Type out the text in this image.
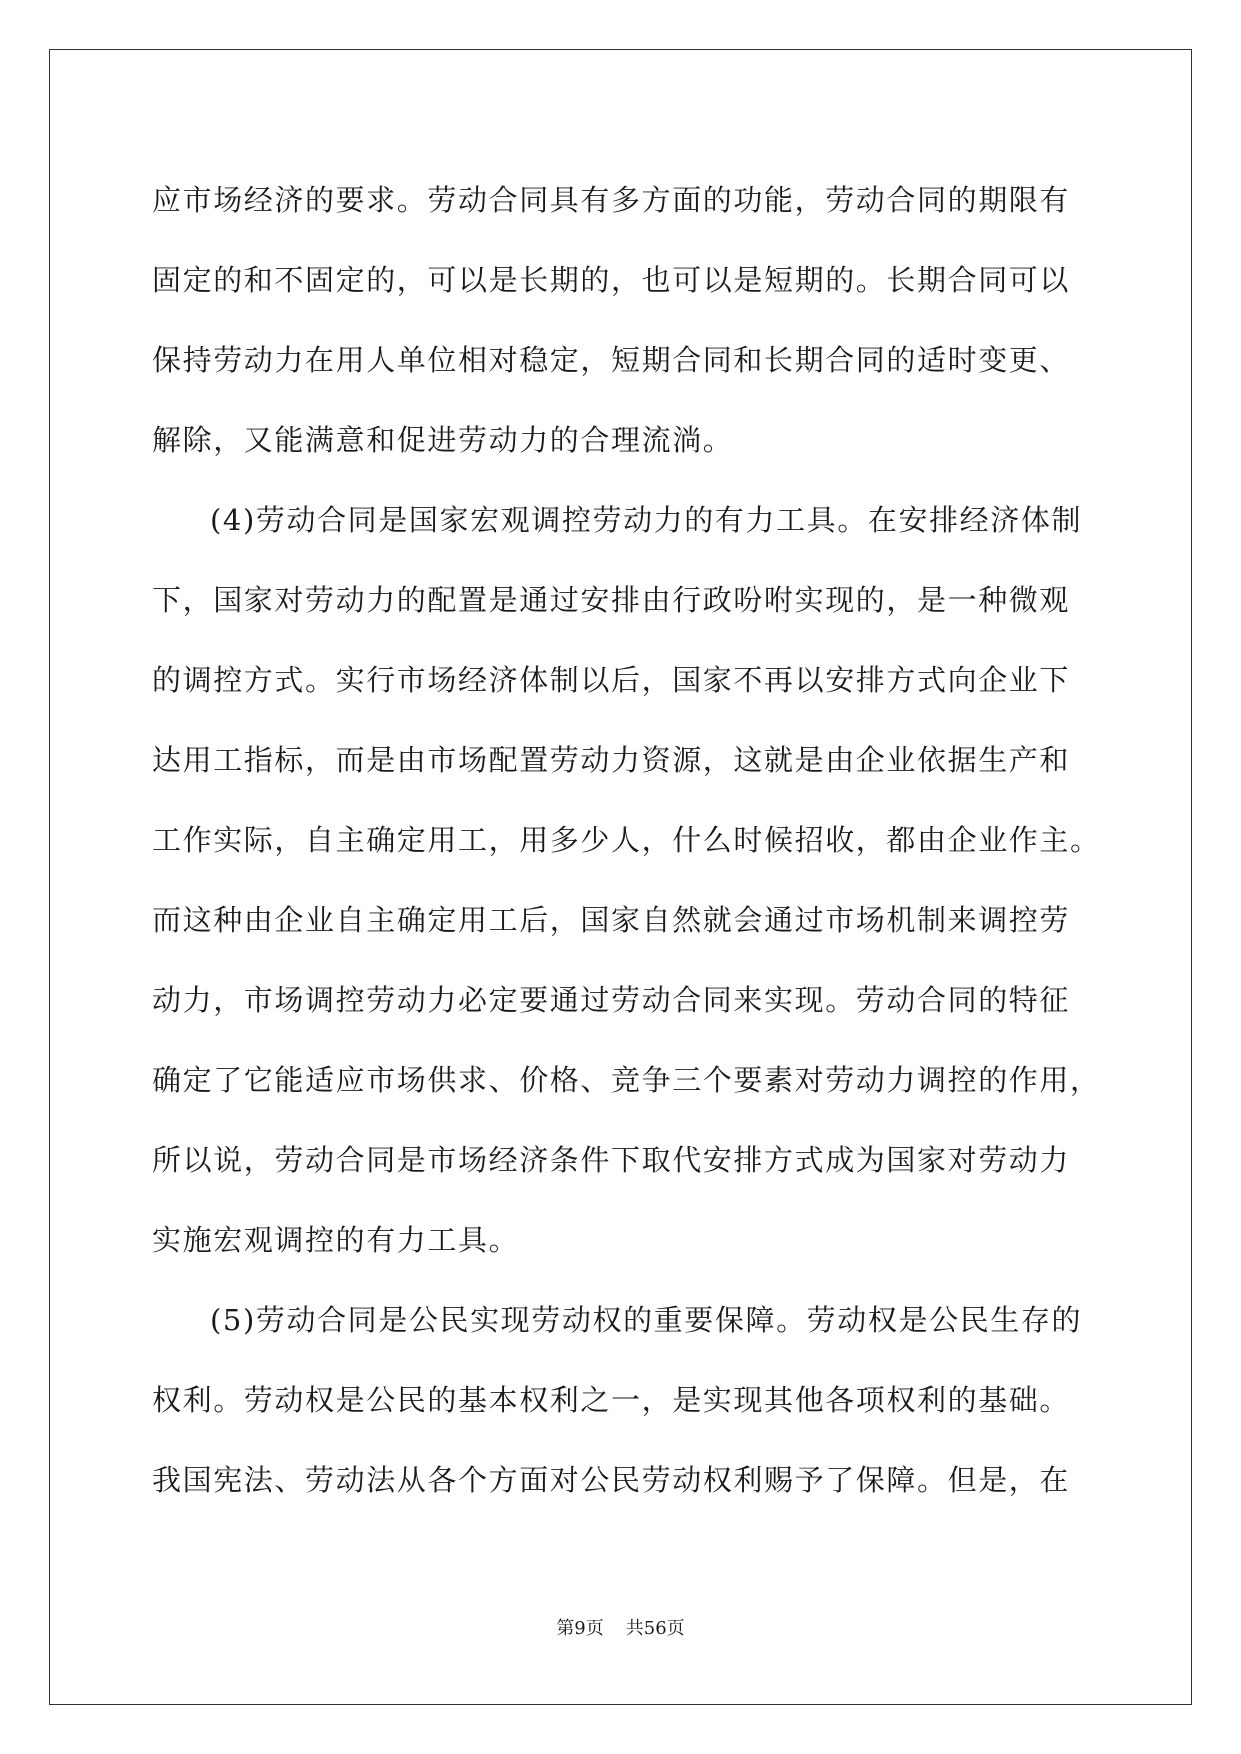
应市场经济的要求。劳动合同具有多方面的功能，劳动合同的期限有
固定的和不固定的，可以是长期的，也可以是短期的。长期合同可以
保持劳动力在用人单位相对稳定，短期合同和长期合同的适时变更、
解除，又能满意和促进劳动力的合理流淌。
(4)劳动合同是国家宏观调控劳动力的有力工具。在安排经济体制
下，国家对劳动力的配置是通过安排由行政吩咐实现的，是一种微观
的调控方式。实行市场经济体制以后，国家不再以安排方式向企业下
达用工指标，而是由市场配置劳动力资源，这就是由企业依据生产和
工作实际，自主确定用工，用多少人，什么时候招收，都由企业作主。
而这种由企业自主确定用工后，国家自然就会通过市场机制来调控劳
动力，市场调控劳动力必定要通过劳动合同来实现。劳动合同的特征
确定了它能适应市场供求、价格、竞争三个要素对劳动力调控的作用，
所以说，劳动合同是市场经济条件下取代安排方式成为国家对劳动力
实施宏观调控的有力工具。
(5)劳动合同是公民实现劳动权的重要保障。劳动权是公民生存的
权利。劳动权是公民的基本权利之一，是实现其他各项权利的基础。
我国宪法、劳动法从各个方面对公民劳动权利赐予了保障。但是，在
第9页 共56页
